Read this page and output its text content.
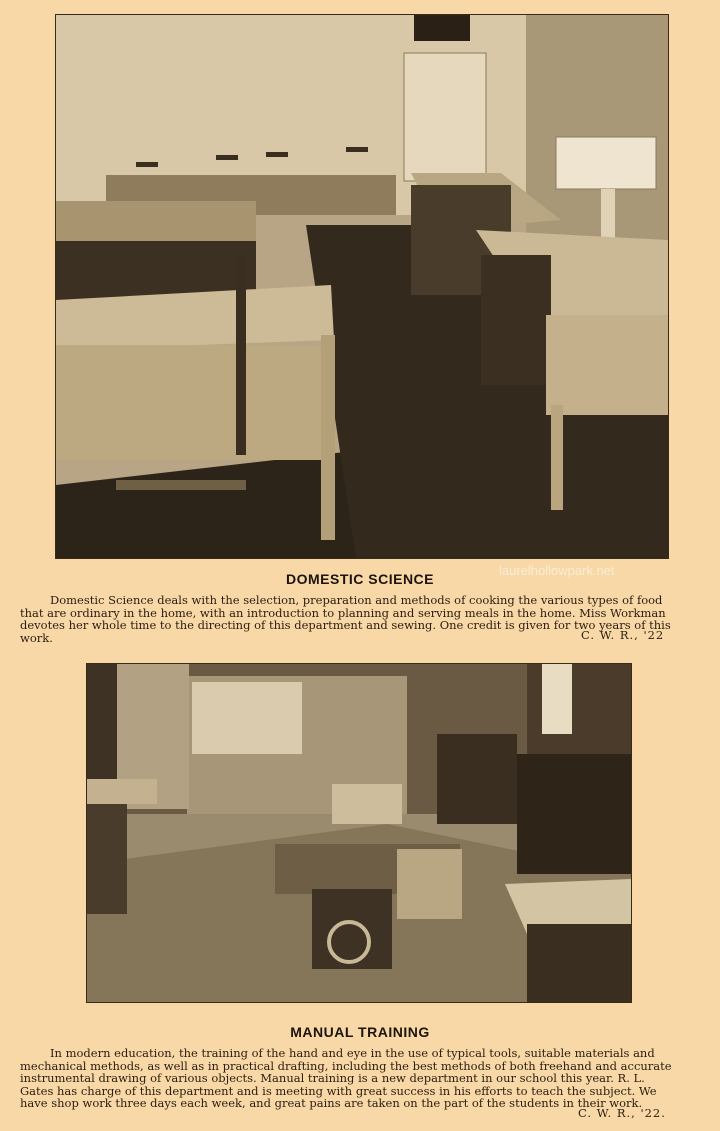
DOMESTIC SCIENCE
laurelhollowpark.net
Domestic Science deals with the selection, preparation and methods of cooking the various types of food
that are ordinary in the home, with an introduction to planning and serving meals in the home. Miss Workman
devotes her whole time to the directing of this department and sewing. One credit is given for two years of this
work.	C. W. R., '22
MANUAL TRAINING
In modern education, the training of the hand and eye in the use of typical tools, suitable materials and
mechanical methods, as well as in practical drafting, including the best methods of both freehand and accurate
instrumental drawing of various objects. Manual training is a new department in our school this year. R. L.
Gates has charge of this department and is meeting with great success in his efforts to teach the subject. We
have shop work three days each week, and great pains are taken on the part of the students in their work.
C. W. R., '22.
